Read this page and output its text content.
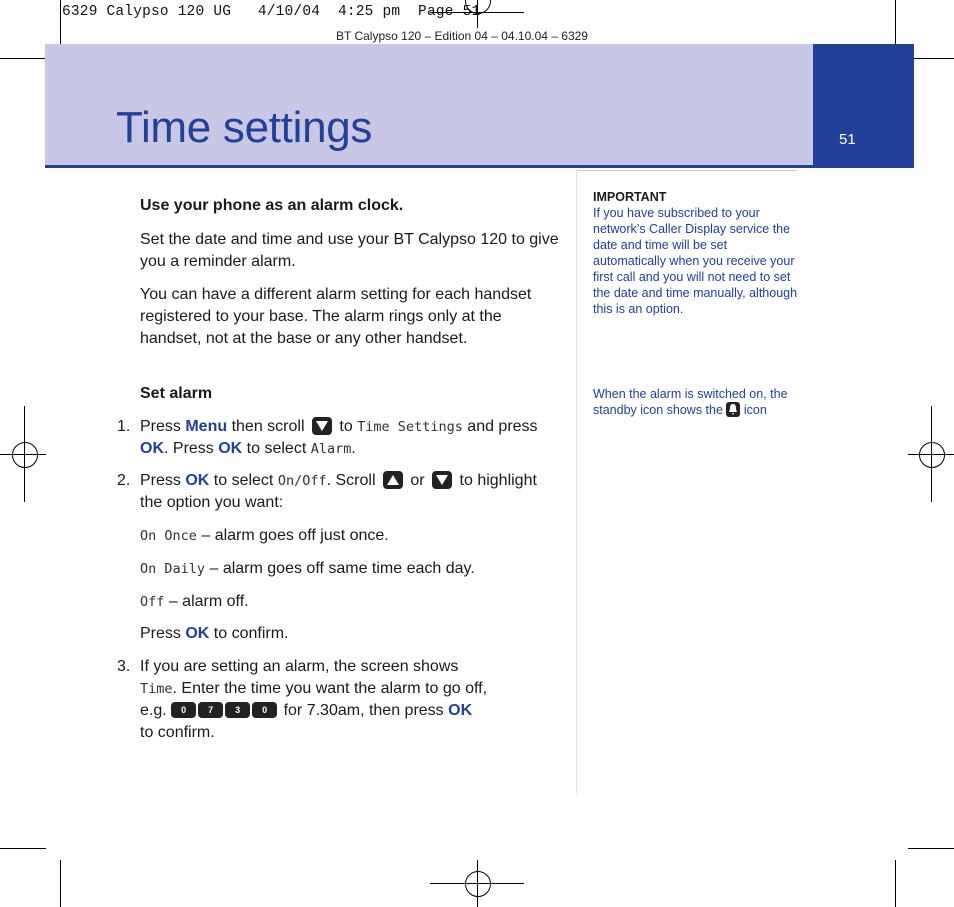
6329 Calypso 120 UG   4/10/04  4:25 pm  Page 51
BT Calypso 120 – Edition 04 – 04.10.04 – 6329
Time settings	51

Use your phone as an alarm clock.

Set the date and time and use your BT Calypso 120 to give you a reminder alarm.

You can have a different alarm setting for each handset registered to your base. The alarm rings only at the handset, not at the base or any other handset.

Set alarm

1. Press Menu then scroll
to Time Settings and press OK. Press OK to select Alarm.

2. Press OK to select On/Off. Scroll
or
to highlight the option you want:

On Once – alarm goes off just once.

On Daily – alarm goes off same time each day.

Off – alarm off.

Press OK to confirm.

3. If you are setting an alarm, the screen shows
Time. Enter the time you want the alarm to go off,
e.g.	0	7	3	0 for 7.30am, then press OK
to confirm.

IMPORTANT
If you have subscribed to your network’s Caller Display service the date and time will be set automatically when you receive your first call and you will not need to set the date and time manually, although this is an option.
When the alarm is switched on, the standby icon shows the
icon
